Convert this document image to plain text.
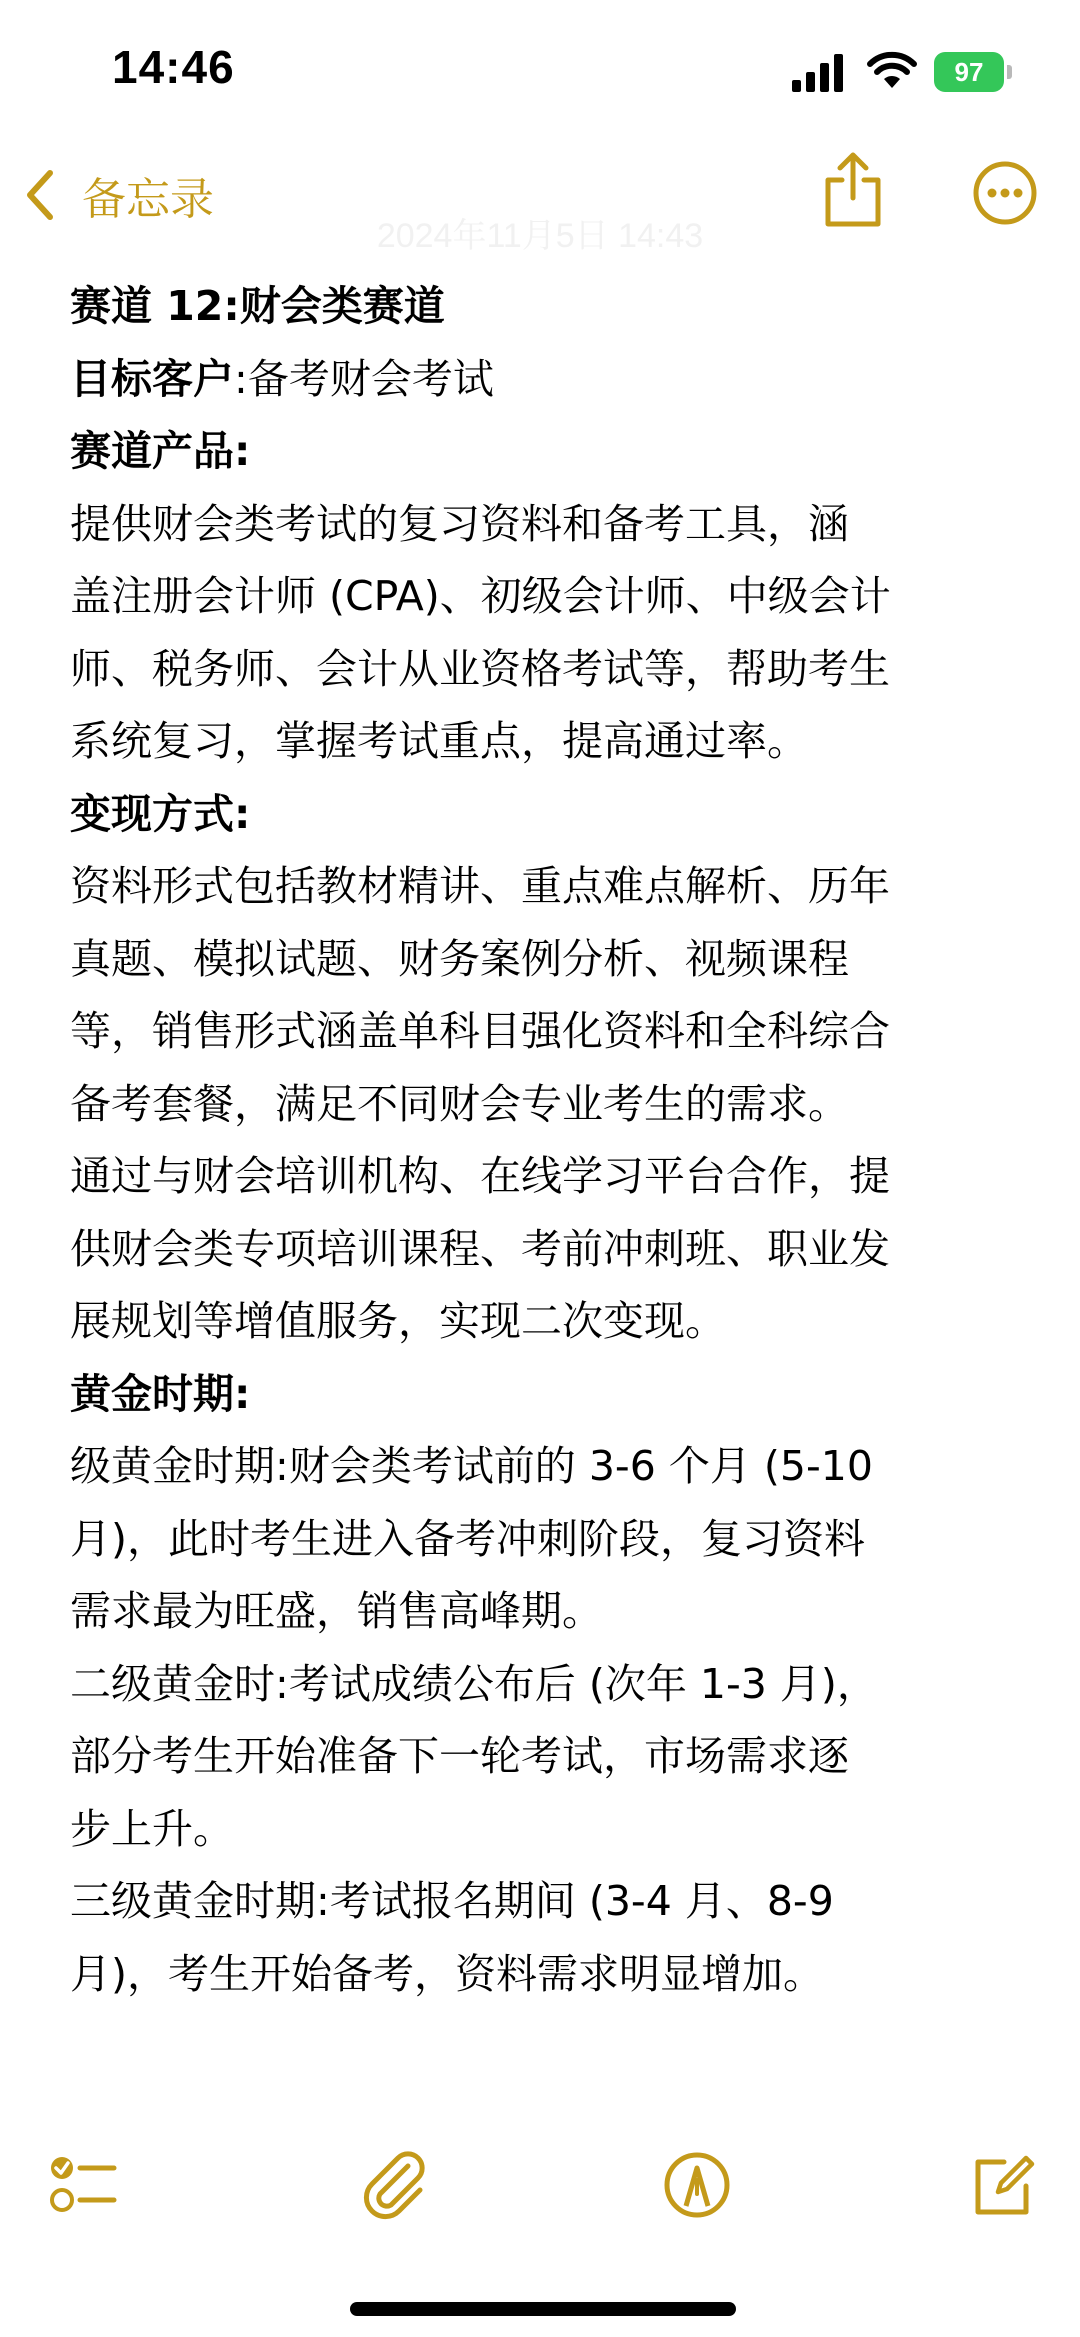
14:46	97
备忘录
2024年11月5日 14:43
赛道 12:财会类赛道
目标客户:备考财会考试
赛道产品:
提供财会类考试的复习资料和备考工具，涵
盖注册会计师 (CPA)、初级会计师、中级会计
师、税务师、会计从业资格考试等，帮助考生
系统复习，掌握考试重点，提高通过率。
变现方式:
资料形式包括教材精讲、重点难点解析、历年
真题、模拟试题、财务案例分析、视频课程
等，销售形式涵盖单科目强化资料和全科综合
备考套餐，满足不同财会专业考生的需求。
通过与财会培训机构、在线学习平台合作，提
供财会类专项培训课程、考前冲刺班、职业发
展规划等增值服务，实现二次变现。
黄金时期:
级黄金时期:财会类考试前的 3-6 个月 (5-10
月)，此时考生进入备考冲刺阶段，复习资料
需求最为旺盛，销售高峰期。
二级黄金时:考试成绩公布后 (次年 1-3 月)，
部分考生开始准备下一轮考试，市场需求逐
步上升。
三级黄金时期:考试报名期间 (3-4 月、8-9
月)，考生开始备考，资料需求明显增加。
